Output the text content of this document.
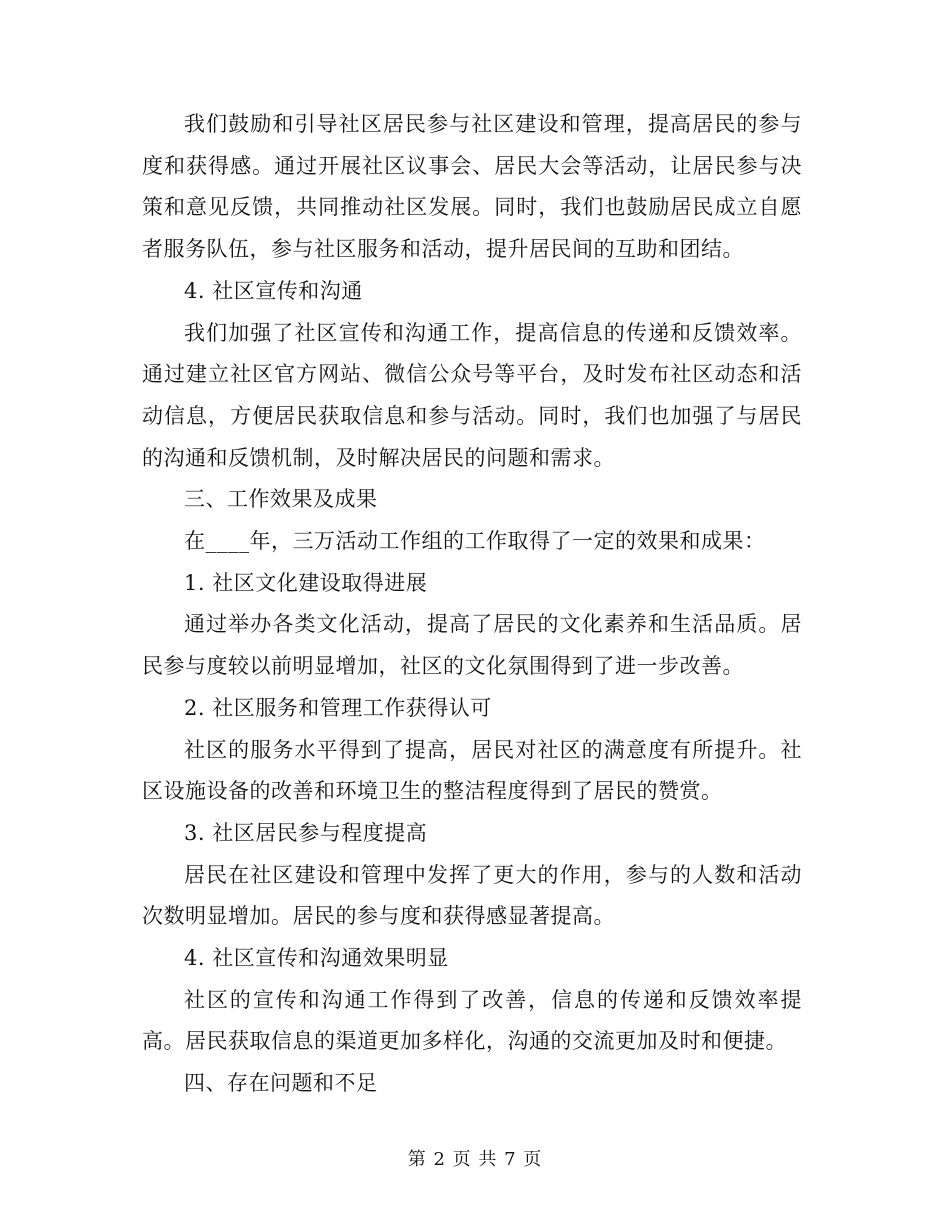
我们鼓励和引导社区居民参与社区建设和管理，提高居民的参与度和获得感。通过开展社区议事会、居民大会等活动，让居民参与决策和意见反馈，共同推动社区发展。同时，我们也鼓励居民成立自愿者服务队伍，参与社区服务和活动，提升居民间的互助和团结。

4. 社区宣传和沟通

我们加强了社区宣传和沟通工作，提高信息的传递和反馈效率。通过建立社区官方网站、微信公众号等平台，及时发布社区动态和活动信息，方便居民获取信息和参与活动。同时，我们也加强了与居民的沟通和反馈机制，及时解决居民的问题和需求。

三、工作效果及成果

在____年，三万活动工作组的工作取得了一定的效果和成果：

1. 社区文化建设取得进展

通过举办各类文化活动，提高了居民的文化素养和生活品质。居民参与度较以前明显增加，社区的文化氛围得到了进一步改善。

2. 社区服务和管理工作获得认可

社区的服务水平得到了提高，居民对社区的满意度有所提升。社区设施设备的改善和环境卫生的整洁程度得到了居民的赞赏。

3. 社区居民参与程度提高

居民在社区建设和管理中发挥了更大的作用，参与的人数和活动次数明显增加。居民的参与度和获得感显著提高。

4. 社区宣传和沟通效果明显

社区的宣传和沟通工作得到了改善，信息的传递和反馈效率提高。居民获取信息的渠道更加多样化，沟通的交流更加及时和便捷。

四、存在问题和不足

第 2 页 共 7 页
